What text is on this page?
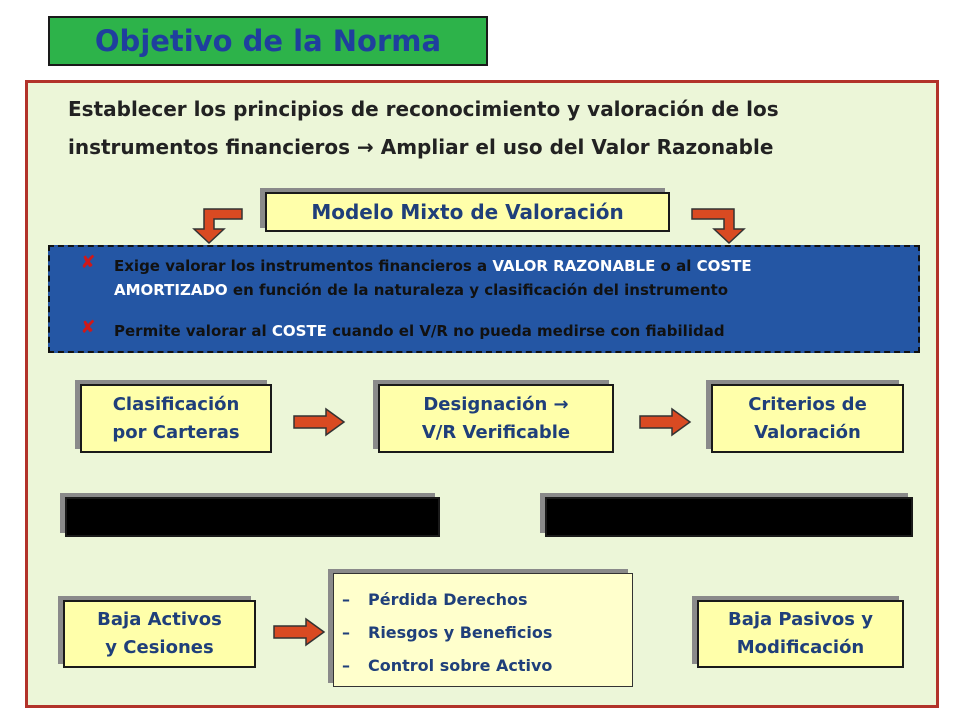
Objetivo de la Norma
Establecer los principios de reconocimiento y valoración de los
instrumentos financieros → Ampliar el uso del Valor Razonable
Modelo Mixto de Valoración
✘	Exige valorar los instrumentos financieros a VALOR RAZONABLE o al COSTE
AMORTIZADO en función de la naturaleza y clasificación del instrumento
✘	Permite valorar al COSTE cuando el V/R no pueda medirse con fiabilidad
Clasificación
por Carteras
Designación →
V/R Verificable
Criterios de
Valoración
Baja Activos
y Cesiones
– Pérdida Derechos
– Riesgos y Beneficios
– Control sobre Activo
Baja Pasivos y
Modificación
